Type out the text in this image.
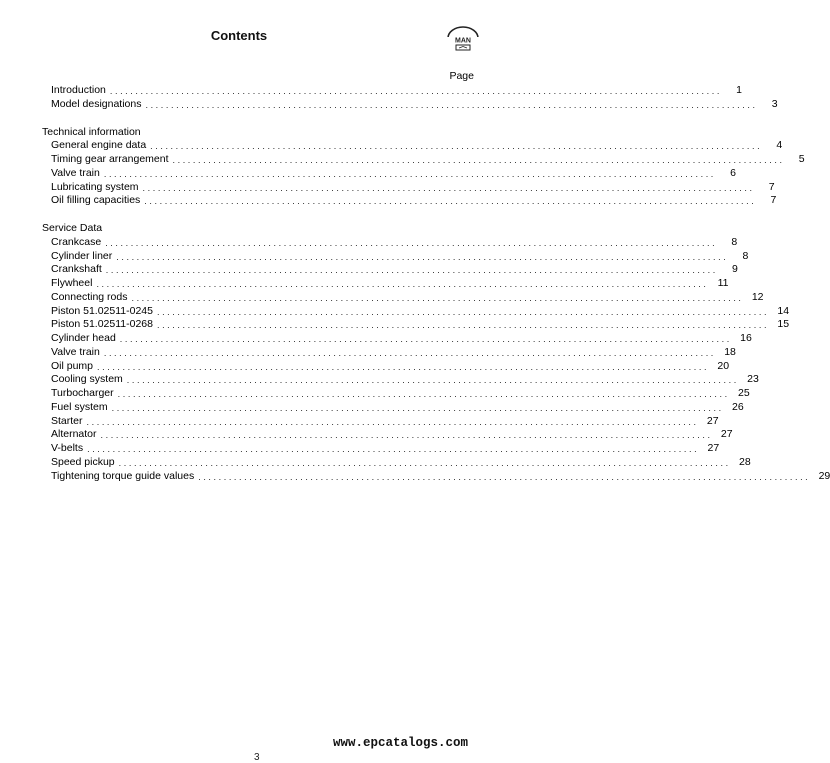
Contents	MAN
Page
Introduction ........................................................................................................................	1
Model designations ........................................................................................................................	3
Technical information
General engine data ........................................................................................................................	4
Timing gear arrangement ........................................................................................................................	5
Valve train ........................................................................................................................	6
Lubricating system ........................................................................................................................	7
Oil filling capacities ........................................................................................................................	7
Service Data
Crankcase ........................................................................................................................	8
Cylinder liner ........................................................................................................................	8
Crankshaft ........................................................................................................................	9
Flywheel ........................................................................................................................ 11
Connecting rods ........................................................................................................................ 12
Piston 51.02511-0245 ........................................................................................................................ 14
Piston 51.02511-0268 ........................................................................................................................ 15
Cylinder head ........................................................................................................................ 16
Valve train ........................................................................................................................ 18
Oil pump ........................................................................................................................ 20
Cooling system ........................................................................................................................ 23
Turbocharger ........................................................................................................................ 25
Fuel system ........................................................................................................................ 26
Starter ........................................................................................................................ 27
Alternator ........................................................................................................................ 27
V-belts ........................................................................................................................ 27
Speed pickup ........................................................................................................................ 28
Tightening torque guide values ........................................................................................................................ 29
www.epcatalogs.com
3
